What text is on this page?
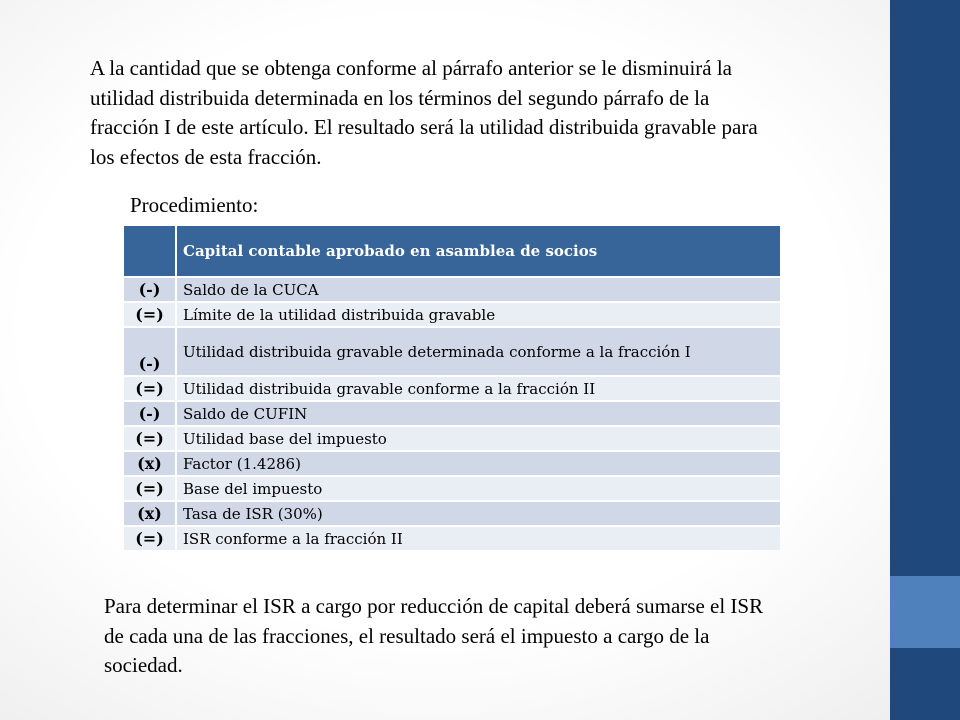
A la cantidad que se obtenga conforme al párrafo anterior se le disminuirá la utilidad distribuida determinada en los términos del segundo párrafo de la fracción I de este artículo. El resultado será la utilidad distribuida gravable para los efectos de esta fracción.

Procedimiento:

	Capital contable aprobado en asamblea de socios
(-)	Saldo de la CUCA
(=)	Límite de la utilidad distribuida gravable
(-)	Utilidad distribuida gravable determinada conforme a la fracción I
(=)	Utilidad distribuida gravable conforme a la fracción II
(-)	Saldo de CUFIN
(=)	Utilidad base del impuesto
(x)	Factor (1.4286)
(=)	Base del impuesto
(x)	Tasa de ISR (30%)
(=)	ISR conforme a la fracción II

Para determinar el ISR a cargo por reducción de capital deberá sumarse el ISR de cada una de las fracciones, el resultado será el impuesto a cargo de la sociedad.
